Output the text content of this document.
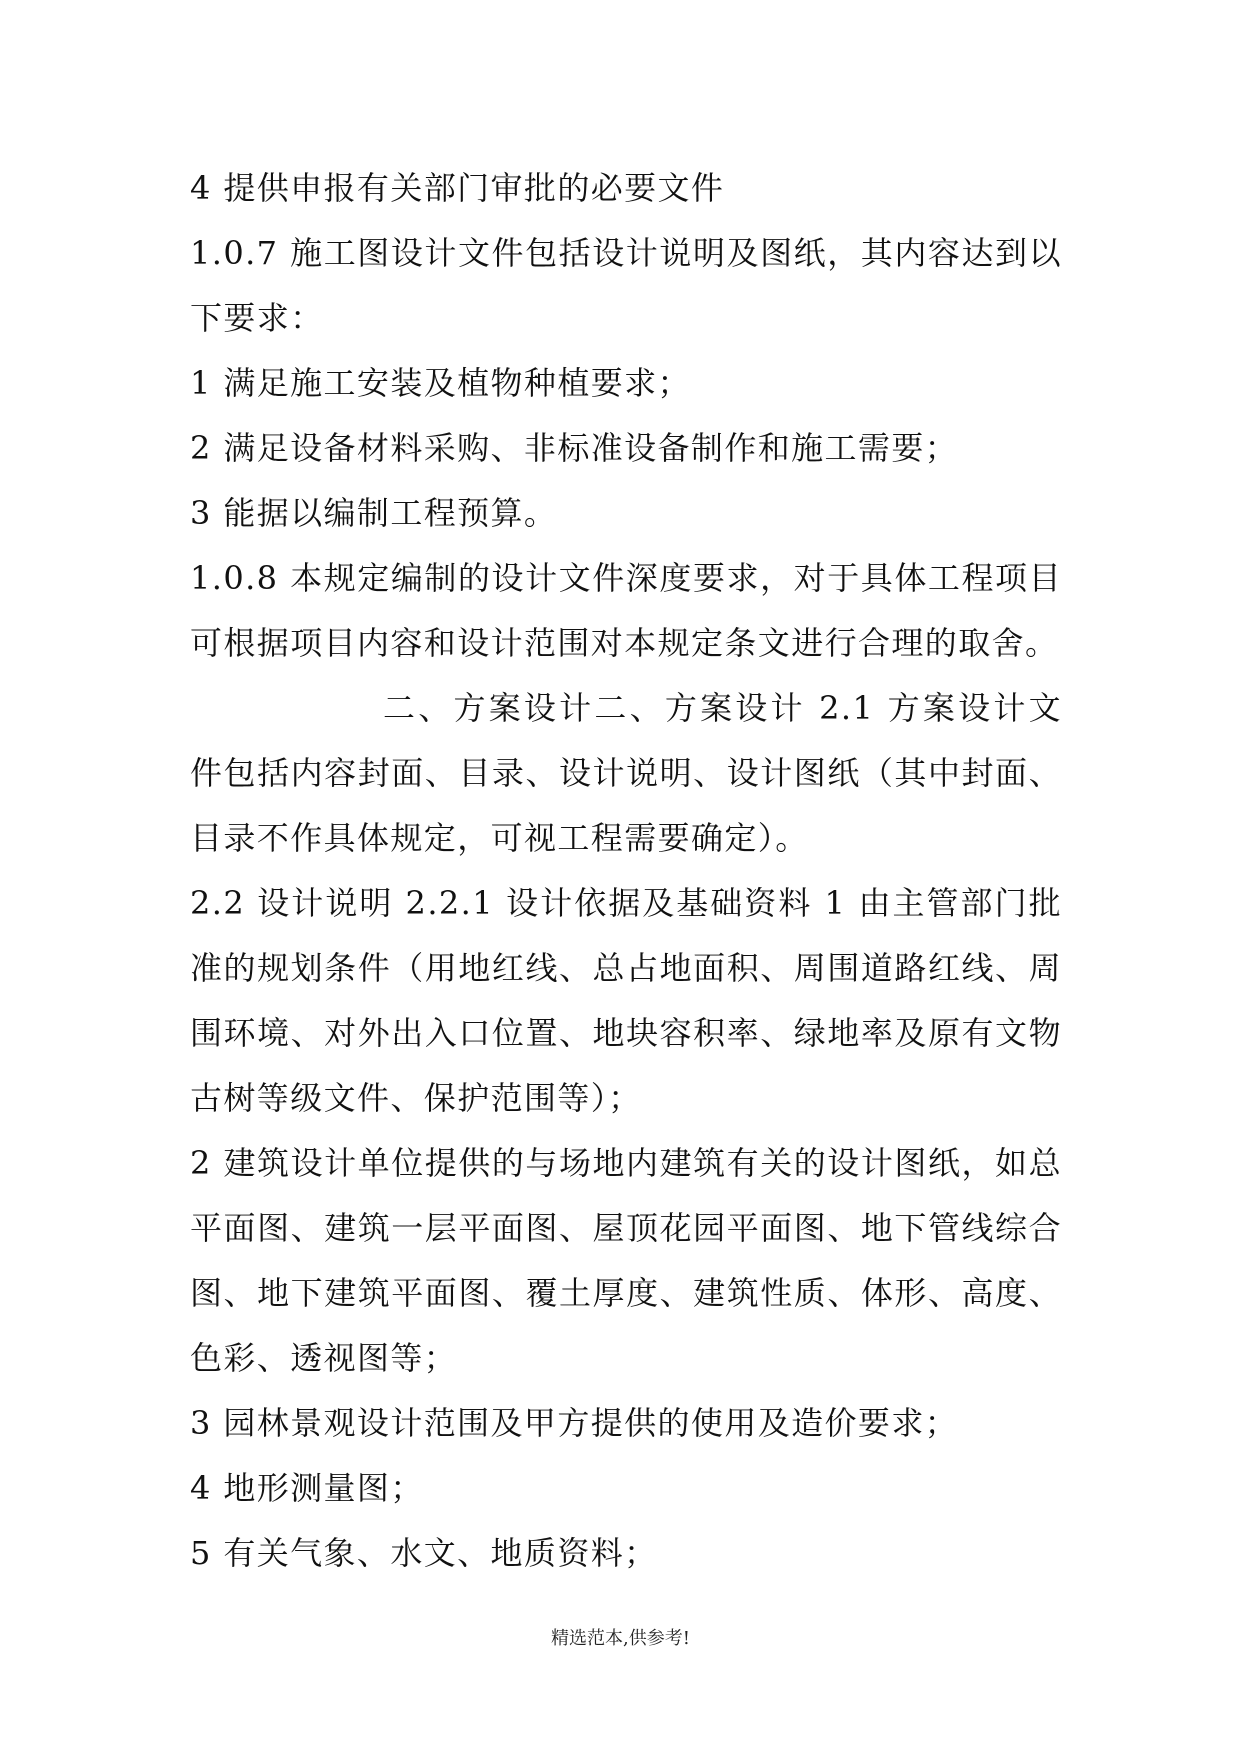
4 提供申报有关部门审批的必要文件

1.0.7 施工图设计文件包括设计说明及图纸，其内容达到以下要求：

1 满足施工安装及植物种植要求；

2 满足设备材料采购、非标准设备制作和施工需要；

3 能据以编制工程预算。

1.0.8 本规定编制的设计文件深度要求，对于具体工程项目可根据项目内容和设计范围对本规定条文进行合理的取舍。

二、方案设计二、方案设计 2.1 方案设计文件包括内容封面、目录、设计说明、设计图纸（其中封面、目录不作具体规定，可视工程需要确定）。

2.2 设计说明 2.2.1 设计依据及基础资料 1 由主管部门批准的规划条件（用地红线、总占地面积、周围道路红线、周围环境、对外出入口位置、地块容积率、绿地率及原有文物古树等级文件、保护范围等）；

2 建筑设计单位提供的与场地内建筑有关的设计图纸，如总平面图、建筑一层平面图、屋顶花园平面图、地下管线综合图、地下建筑平面图、覆土厚度、建筑性质、体形、高度、色彩、透视图等；

3 园林景观设计范围及甲方提供的使用及造价要求；

4 地形测量图；

5 有关气象、水文、地质资料；

精选范本,供参考!
